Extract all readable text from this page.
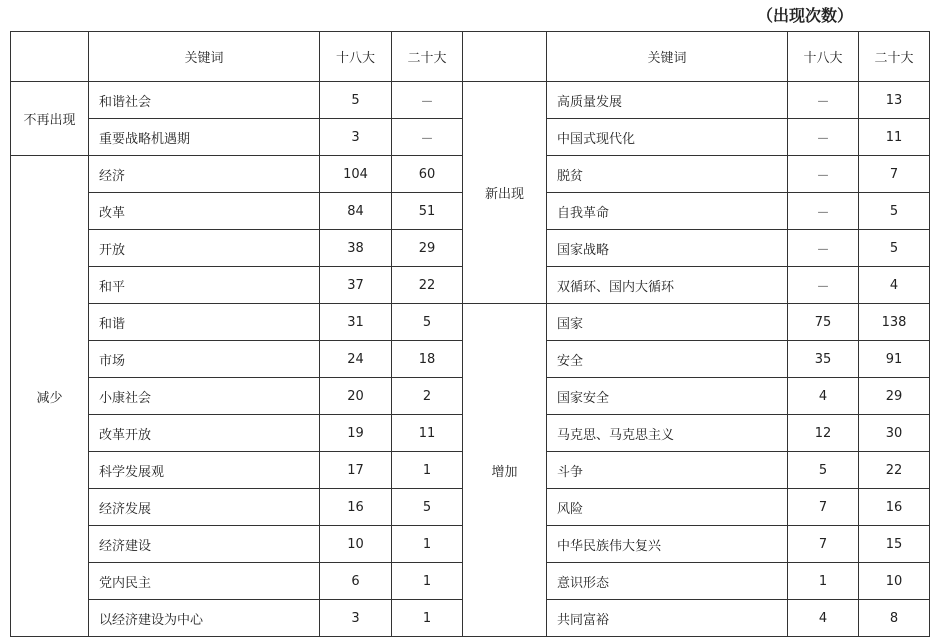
（出现次数）
	关键词	十八大	二十大		关键词	十八大	二十大
不再出现	和谐社会	5	－	新出现	高质量发展	－	13
	重要战略机遇期	3	－		中国式现代化	－	11
减少	经济	104	60		脱贫	－	7
	改革	84	51		自我革命	－	5
	开放	38	29		国家战略	－	5
	和平	37	22		双循环、国内大循环	－	4
	和谐	31	5	增加	国家	75	138
	市场	24	18		安全	35	91
	小康社会	20	2		国家安全	4	29
	改革开放	19	11		马克思、马克思主义	12	30
	科学发展观	17	1		斗争	5	22
	经济发展	16	5		风险	7	16
	经济建设	10	1		中华民族伟大复兴	7	15
	党内民主	6	1		意识形态	1	10
	以经济建设为中心	3	1		共同富裕	4	8
